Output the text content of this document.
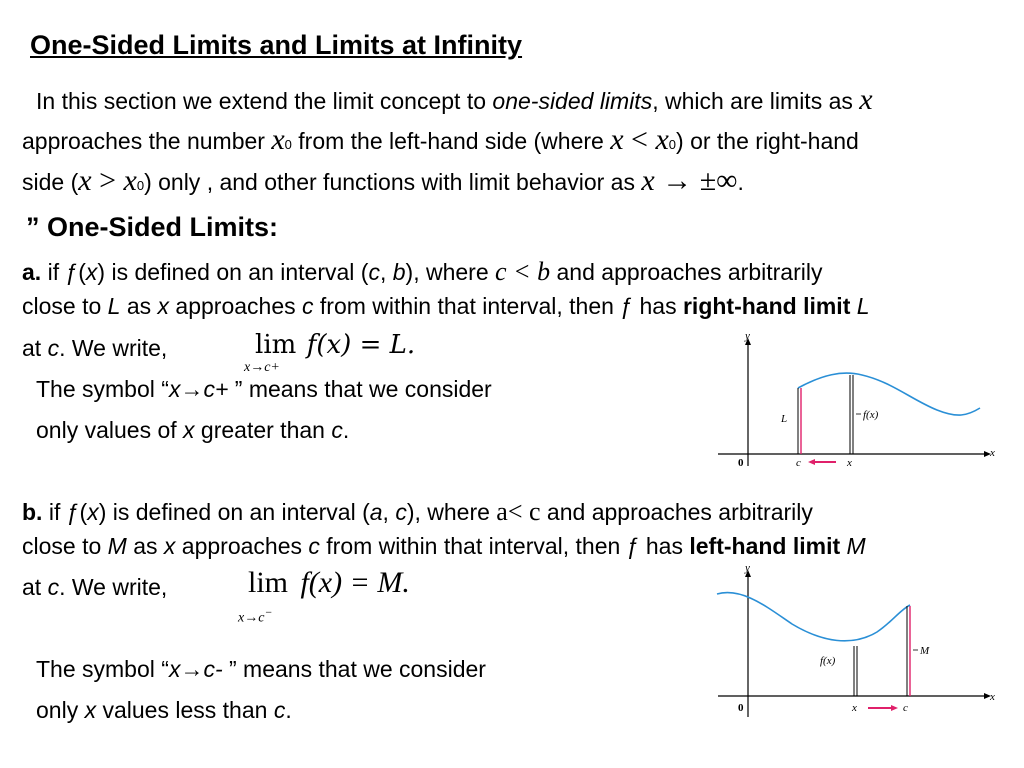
One-Sided Limits and Limits at Infinity
In this section we extend the limit concept to one-sided limits, which are limits as x
approaches the number x0 from the left-hand side (where x < x0) or the right-hand
side (x > x0) only , and other functions with limit behavior as x → ±∞.
” One-Sided Limits:
a. if ƒ(x) is defined on an interval (c, b), where c < b and approaches arbitrarily
close to L as x approaches c from within that interval, then ƒ has right-hand limit L
at c. We write,	lim f(x) = L.
x→c+
The symbol “x→c+ ” means that we consider
only values of x greater than c.
y
x
0
L	f(x)
c	x
b. if ƒ(x) is defined on an interval (a, c), where a< c and approaches arbitrarily
close to M as x approaches c from within that interval, then ƒ has left-hand limit M
at c. We write,	lim f(x) = M.
x→c−
The symbol “x→c- ” means that we consider
only x values less than c.
y
x
0
f(x)
M
x	c
